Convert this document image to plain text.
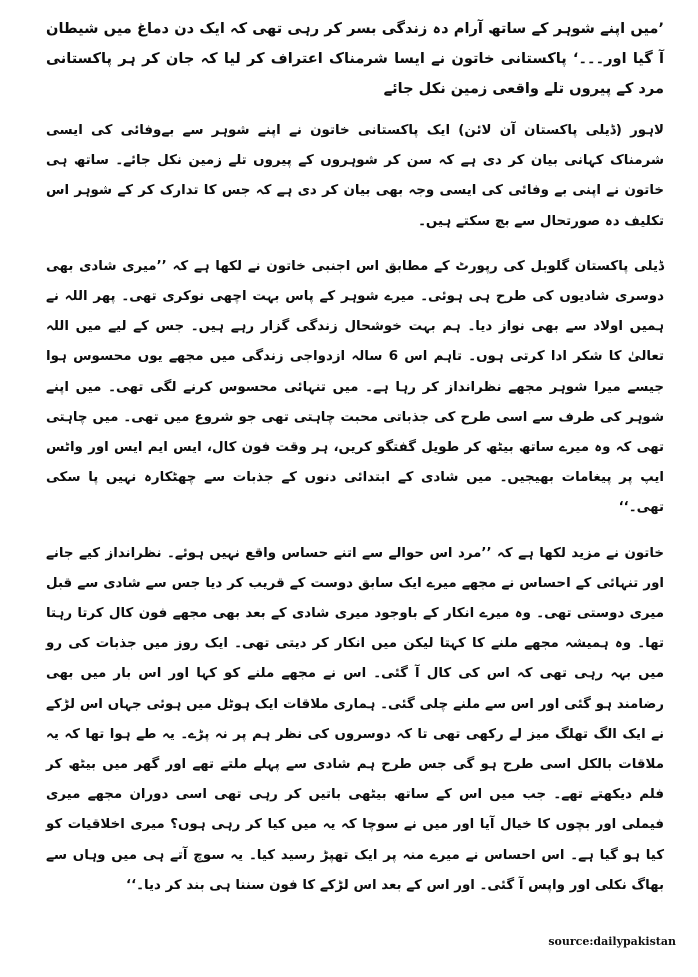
’میں اپنے شوہر کے ساتھ آرام دہ زندگی بسر کر رہی تھی کہ ایک دن دماغ میں شیطان آ گیا اور۔۔۔‘ پاکستانی خاتون نے ایسا شرمناک اعتراف کر لیا کہ جان کر ہر پاکستانی مرد کے پیروں تلے واقعی زمین نکل جائے

لاہور (ڈیلی پاکستان آن لائن) ایک پاکستانی خاتون نے اپنے شوہر سے بےوفائی کی ایسی شرمناک کہانی بیان کر دی ہے کہ سن کر شوہروں کے پیروں تلے زمین نکل جائے۔ ساتھ ہی خاتون نے اپنی بے وفائی کی ایسی وجہ بھی بیان کر دی ہے کہ جس کا تدارک کر کے شوہر اس تکلیف دہ صورتحال سے بچ سکتے ہیں۔

ڈیلی پاکستان گلوبل کی رپورٹ کے مطابق اس اجنبی خاتون نے لکھا ہے کہ ’’میری شادی بھی دوسری شادیوں کی طرح ہی ہوئی۔ میرے شوہر کے پاس بہت اچھی نوکری تھی۔ پھر اللہ نے ہمیں اولاد سے بھی نواز دیا۔ ہم بہت خوشحال زندگی گزار رہے ہیں۔ جس کے لیے میں اللہ تعالیٰ کا شکر ادا کرتی ہوں۔ تاہم اس 6 سالہ ازدواجی زندگی میں مجھے یوں محسوس ہوا جیسے میرا شوہر مجھے نظرانداز کر رہا ہے۔ میں تنہائی محسوس کرنے لگی تھی۔ میں اپنے شوہر کی طرف سے اسی طرح کی جذباتی محبت چاہتی تھی جو شروع میں تھی۔ میں چاہتی تھی کہ وہ میرے ساتھ بیٹھ کر طویل گفتگو کریں، ہر وقت فون کال، ایس ایم ایس اور واٹس ایپ پر پیغامات بھیجیں۔ میں شادی کے ابتدائی دنوں کے جذبات سے چھٹکارہ نہیں پا سکی تھی۔‘‘

خاتون نے مزید لکھا ہے کہ ’’مرد اس حوالے سے اتنے حساس واقع نہیں ہوئے۔ نظرانداز کیے جانے اور تنہائی کے احساس نے مجھے میرے ایک سابق دوست کے قریب کر دیا جس سے شادی سے قبل میری دوستی تھی۔ وہ میرے انکار کے باوجود میری شادی کے بعد بھی مجھے فون کال کرتا رہتا تھا۔ وہ ہمیشہ مجھے ملنے کا کہتا لیکن میں انکار کر دیتی تھی۔ ایک روز میں جذبات کی رو میں بہہ رہی تھی کہ اس کی کال آ گئی۔ اس نے مجھے ملنے کو کہا اور اس بار میں بھی رضامند ہو گئی اور اس سے ملنے چلی گئی۔ ہماری ملاقات ایک ہوٹل میں ہوئی جہاں اس لڑکے نے ایک الگ تھلگ میز لے رکھی تھی تا کہ دوسروں کی نظر ہم پر نہ پڑے۔ یہ طے ہوا تھا کہ یہ ملاقات بالکل اسی طرح ہو گی جس طرح ہم شادی سے پہلے ملتے تھے اور گھر میں بیٹھ کر فلم دیکھتے تھے۔ جب میں اس کے ساتھ بیٹھی باتیں کر رہی تھی اسی دوران مجھے میری فیملی اور بچوں کا خیال آیا اور میں نے سوچا کہ یہ میں کیا کر رہی ہوں؟ میری اخلاقیات کو کیا ہو گیا ہے۔ اس احساس نے میرے منہ پر ایک تھپڑ رسید کیا۔ یہ سوچ آتے ہی میں وہاں سے بھاگ نکلی اور واپس آ گئی۔ اور اس کے بعد اس لڑکے کا فون سننا ہی بند کر دیا۔‘‘

source:dailypakistan
